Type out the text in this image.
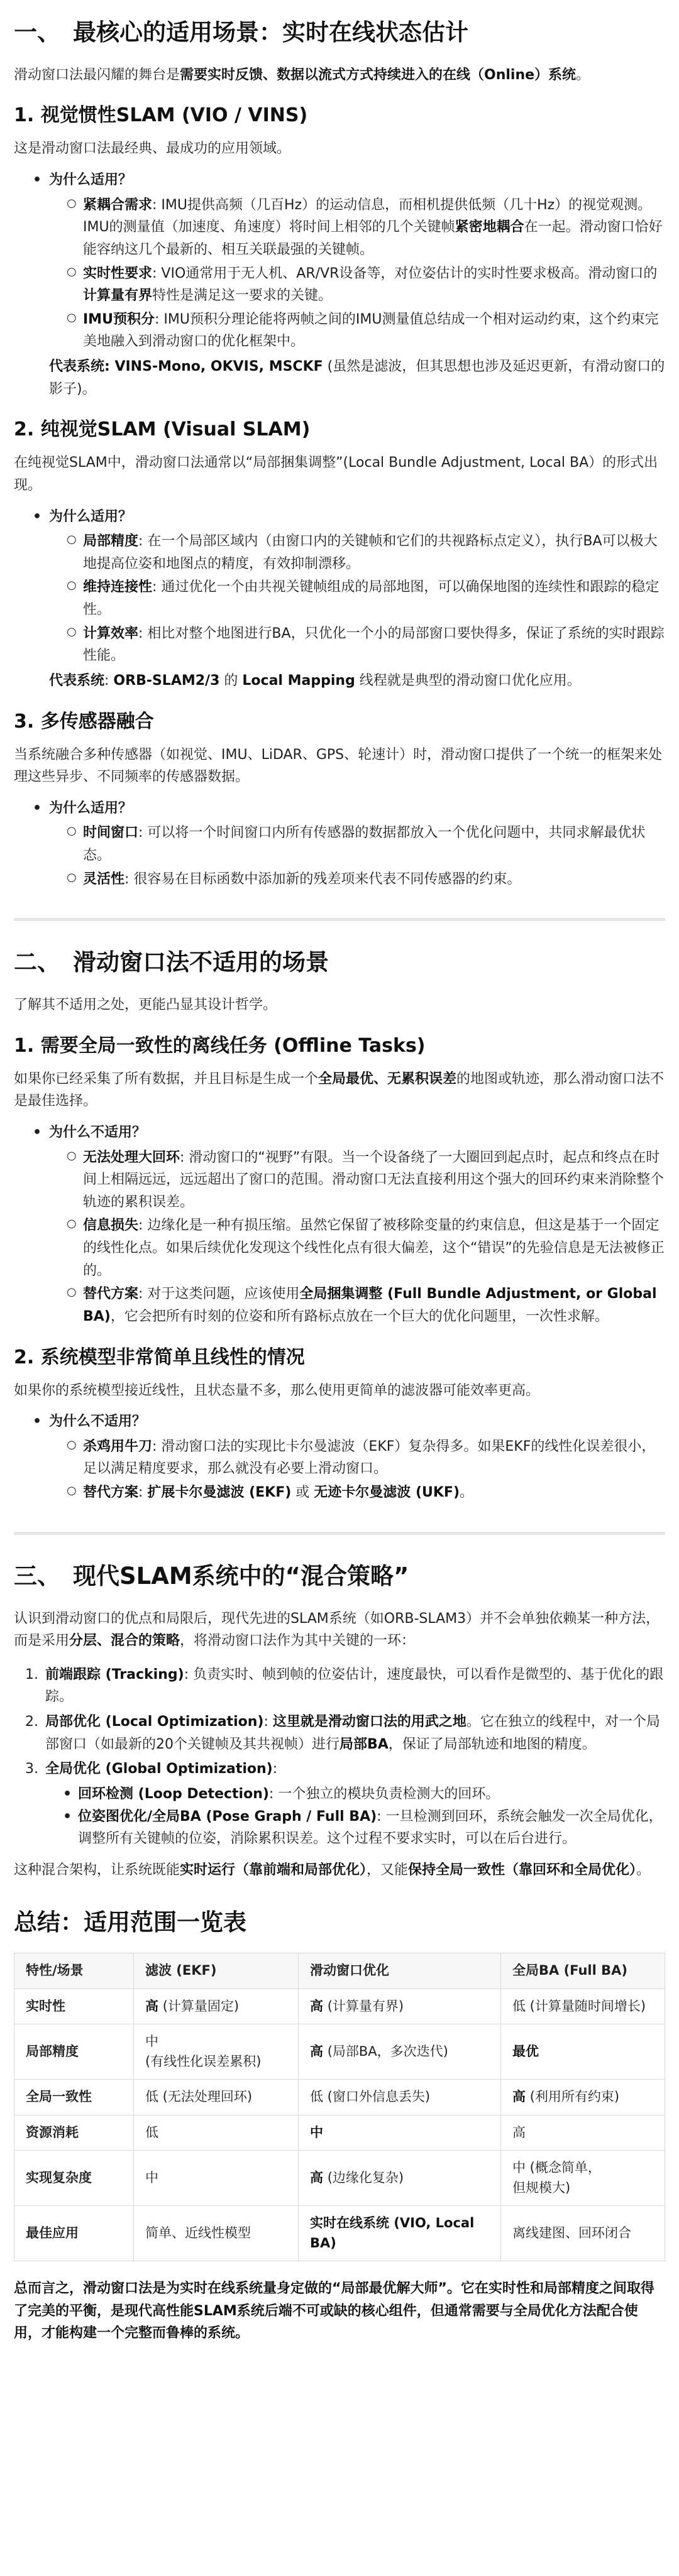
一、 最核心的适用场景：实时在线状态估计

滑动窗口法最闪耀的舞台是需要实时反馈、数据以流式方式持续进入的在线（Online）系统。

1. 视觉惯性SLAM (VIO / VINS)

这是滑动窗口法最经典、最成功的应用领域。

• 为什么适用？
○ 紧耦合需求: IMU提供高频（几百Hz）的运动信息，而相机提供低频（几十Hz）的视觉观测。IMU的测量值（加速度、角速度）将时间上相邻的几个关键帧紧密地耦合在一起。滑动窗口恰好能容纳这几个最新的、相互关联最强的关键帧。
○ 实时性要求: VIO通常用于无人机、AR/VR设备等，对位姿估计的实时性要求极高。滑动窗口的计算量有界特性是满足这一要求的关键。
○ IMU预积分: IMU预积分理论能将两帧之间的IMU测量值总结成一个相对运动约束，这个约束完美地融入到滑动窗口的优化框架中。
代表系统: VINS-Mono, OKVIS, MSCKF (虽然是滤波，但其思想也涉及延迟更新，有滑动窗口的影子)。
2. 纯视觉SLAM (Visual SLAM)

在纯视觉SLAM中，滑动窗口法通常以“局部捆集调整”(Local Bundle Adjustment, Local BA）的形式出现。

• 为什么适用？
○ 局部精度: 在一个局部区域内（由窗口内的关键帧和它们的共视路标点定义），执行BA可以极大地提高位姿和地图点的精度，有效抑制漂移。
○ 维持连接性: 通过优化一个由共视关键帧组成的局部地图，可以确保地图的连续性和跟踪的稳定性。
○ 计算效率: 相比对整个地图进行BA，只优化一个小的局部窗口要快得多，保证了系统的实时跟踪性能。
代表系统: ORB-SLAM2/3 的 Local Mapping 线程就是典型的滑动窗口优化应用。
3. 多传感器融合

当系统融合多种传感器（如视觉、IMU、LiDAR、GPS、轮速计）时，滑动窗口提供了一个统一的框架来处理这些异步、不同频率的传感器数据。

• 为什么适用？
○ 时间窗口: 可以将一个时间窗口内所有传感器的数据都放入一个优化问题中，共同求解最优状态。
○ 灵活性: 很容易在目标函数中添加新的残差项来代表不同传感器的约束。
二、 滑动窗口法不适用的场景

了解其不适用之处，更能凸显其设计哲学。

1. 需要全局一致性的离线任务 (Offline Tasks)

如果你已经采集了所有数据，并且目标是生成一个全局最优、无累积误差的地图或轨迹，那么滑动窗口法不是最佳选择。

• 为什么不适用？
○ 无法处理大回环: 滑动窗口的“视野”有限。当一个设备绕了一大圈回到起点时，起点和终点在时间上相隔远远，远远超出了窗口的范围。滑动窗口无法直接利用这个强大的回环约束来消除整个轨迹的累积误差。
○ 信息损失: 边缘化是一种有损压缩。虽然它保留了被移除变量的约束信息，但这是基于一个固定的线性化点。如果后续优化发现这个线性化点有很大偏差，这个“错误”的先验信息是无法被修正的。
○ 替代方案: 对于这类问题，应该使用全局捆集调整 (Full Bundle Adjustment, or Global BA)，它会把所有时刻的位姿和所有路标点放在一个巨大的优化问题里，一次性求解。
2. 系统模型非常简单且线性的情况

如果你的系统模型接近线性，且状态量不多，那么使用更简单的滤波器可能效率更高。

• 为什么不适用？
○ 杀鸡用牛刀: 滑动窗口法的实现比卡尔曼滤波（EKF）复杂得多。如果EKF的线性化误差很小，足以满足精度要求，那么就没有必要上滑动窗口。
○ 替代方案: 扩展卡尔曼滤波 (EKF) 或 无迹卡尔曼滤波 (UKF)。
三、 现代SLAM系统中的“混合策略”

认识到滑动窗口的优点和局限后，现代先进的SLAM系统（如ORB-SLAM3）并不会单独依赖某一种方法，而是采用分层、混合的策略，将滑动窗口法作为其中关键的一环：

1. 前端跟踪 (Tracking): 负责实时、帧到帧的位姿估计，速度最快，可以看作是微型的、基于优化的跟踪。
2. 局部优化 (Local Optimization): 这里就是滑动窗口法的用武之地。它在独立的线程中，对一个局部窗口（如最新的20个关键帧及其共视帧）进行局部BA，保证了局部轨迹和地图的精度。
3. 全局优化 (Global Optimization):
• 回环检测 (Loop Detection): 一个独立的模块负责检测大的回环。
• 位姿图优化/全局BA (Pose Graph / Full BA): 一旦检测到回环，系统会触发一次全局优化，调整所有关键帧的位姿，消除累积误差。这个过程不要求实时，可以在后台进行。

这种混合架构，让系统既能实时运行（靠前端和局部优化），又能保持全局一致性（靠回环和全局优化）。

总结：适用范围一览表
特性/场景	滤波 (EKF)	滑动窗口优化	全局BA (Full BA)
实时性	高 (计算量固定)	高 (计算量有界)	低 (计算量随时间增长)
局部精度	中
(有线性化误差累积)	高 (局部BA，多次迭代)	最优
全局一致性	低 (无法处理回环)	低 (窗口外信息丢失)	高 (利用所有约束)
资源消耗	低	中	高
实现复杂度	中	高 (边缘化复杂)	中 (概念简单，
但规模大)
最佳应用	简单、近线性模型	实时在线系统 (VIO, Local BA)	离线建图、回环闭合

总而言之，滑动窗口法是为实时在线系统量身定做的“局部最优解大师”。它在实时性和局部精度之间取得了完美的平衡，是现代高性能SLAM系统后端不可或缺的核心组件，但通常需要与全局优化方法配合使用，才能构建一个完整而鲁棒的系统。
